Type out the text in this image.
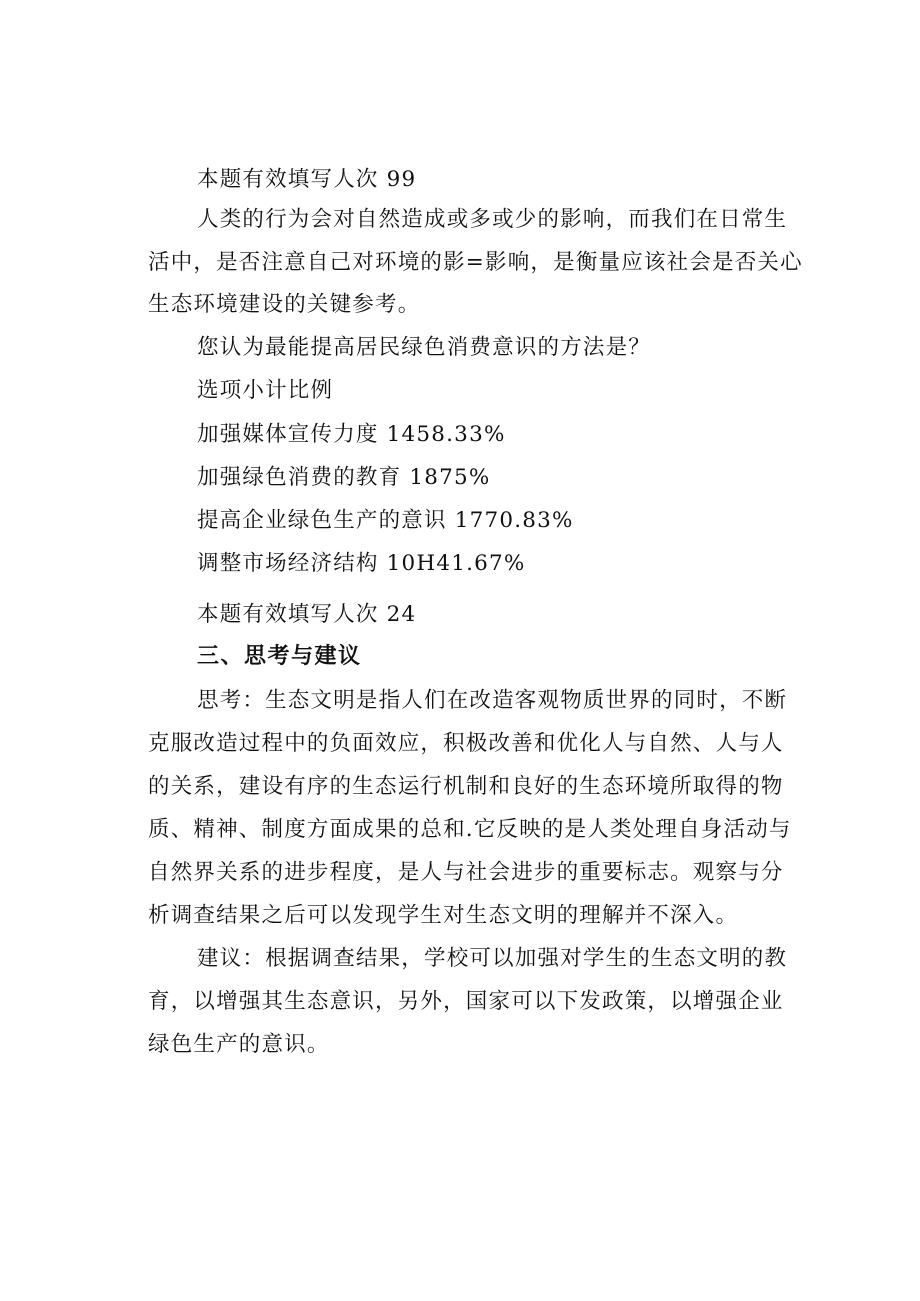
本题有效填写人次 99
人类的行为会对自然造成或多或少的影响，而我们在日常生
活中，是否注意自己对环境的影=影响，是衡量应该社会是否关心
生态环境建设的关键参考。
您认为最能提高居民绿色消费意识的方法是？
选项小计比例
加强媒体宣传力度 1458.33%
加强绿色消费的教育 1875%
提高企业绿色生产的意识 1770.83%
调整市场经济结构 10H41.67%
本题有效填写人次 24
三、思考与建议
思考：生态文明是指人们在改造客观物质世界的同时，不断
克服改造过程中的负面效应，积极改善和优化人与自然、人与人
的关系，建设有序的生态运行机制和良好的生态环境所取得的物
质、精神、制度方面成果的总和.它反映的是人类处理自身活动与
自然界关系的进步程度，是人与社会进步的重要标志。观察与分
析调查结果之后可以发现学生对生态文明的理解并不深入。
建议：根据调查结果，学校可以加强对学生的生态文明的教
育，以增强其生态意识，另外，国家可以下发政策，以增强企业
绿色生产的意识。
